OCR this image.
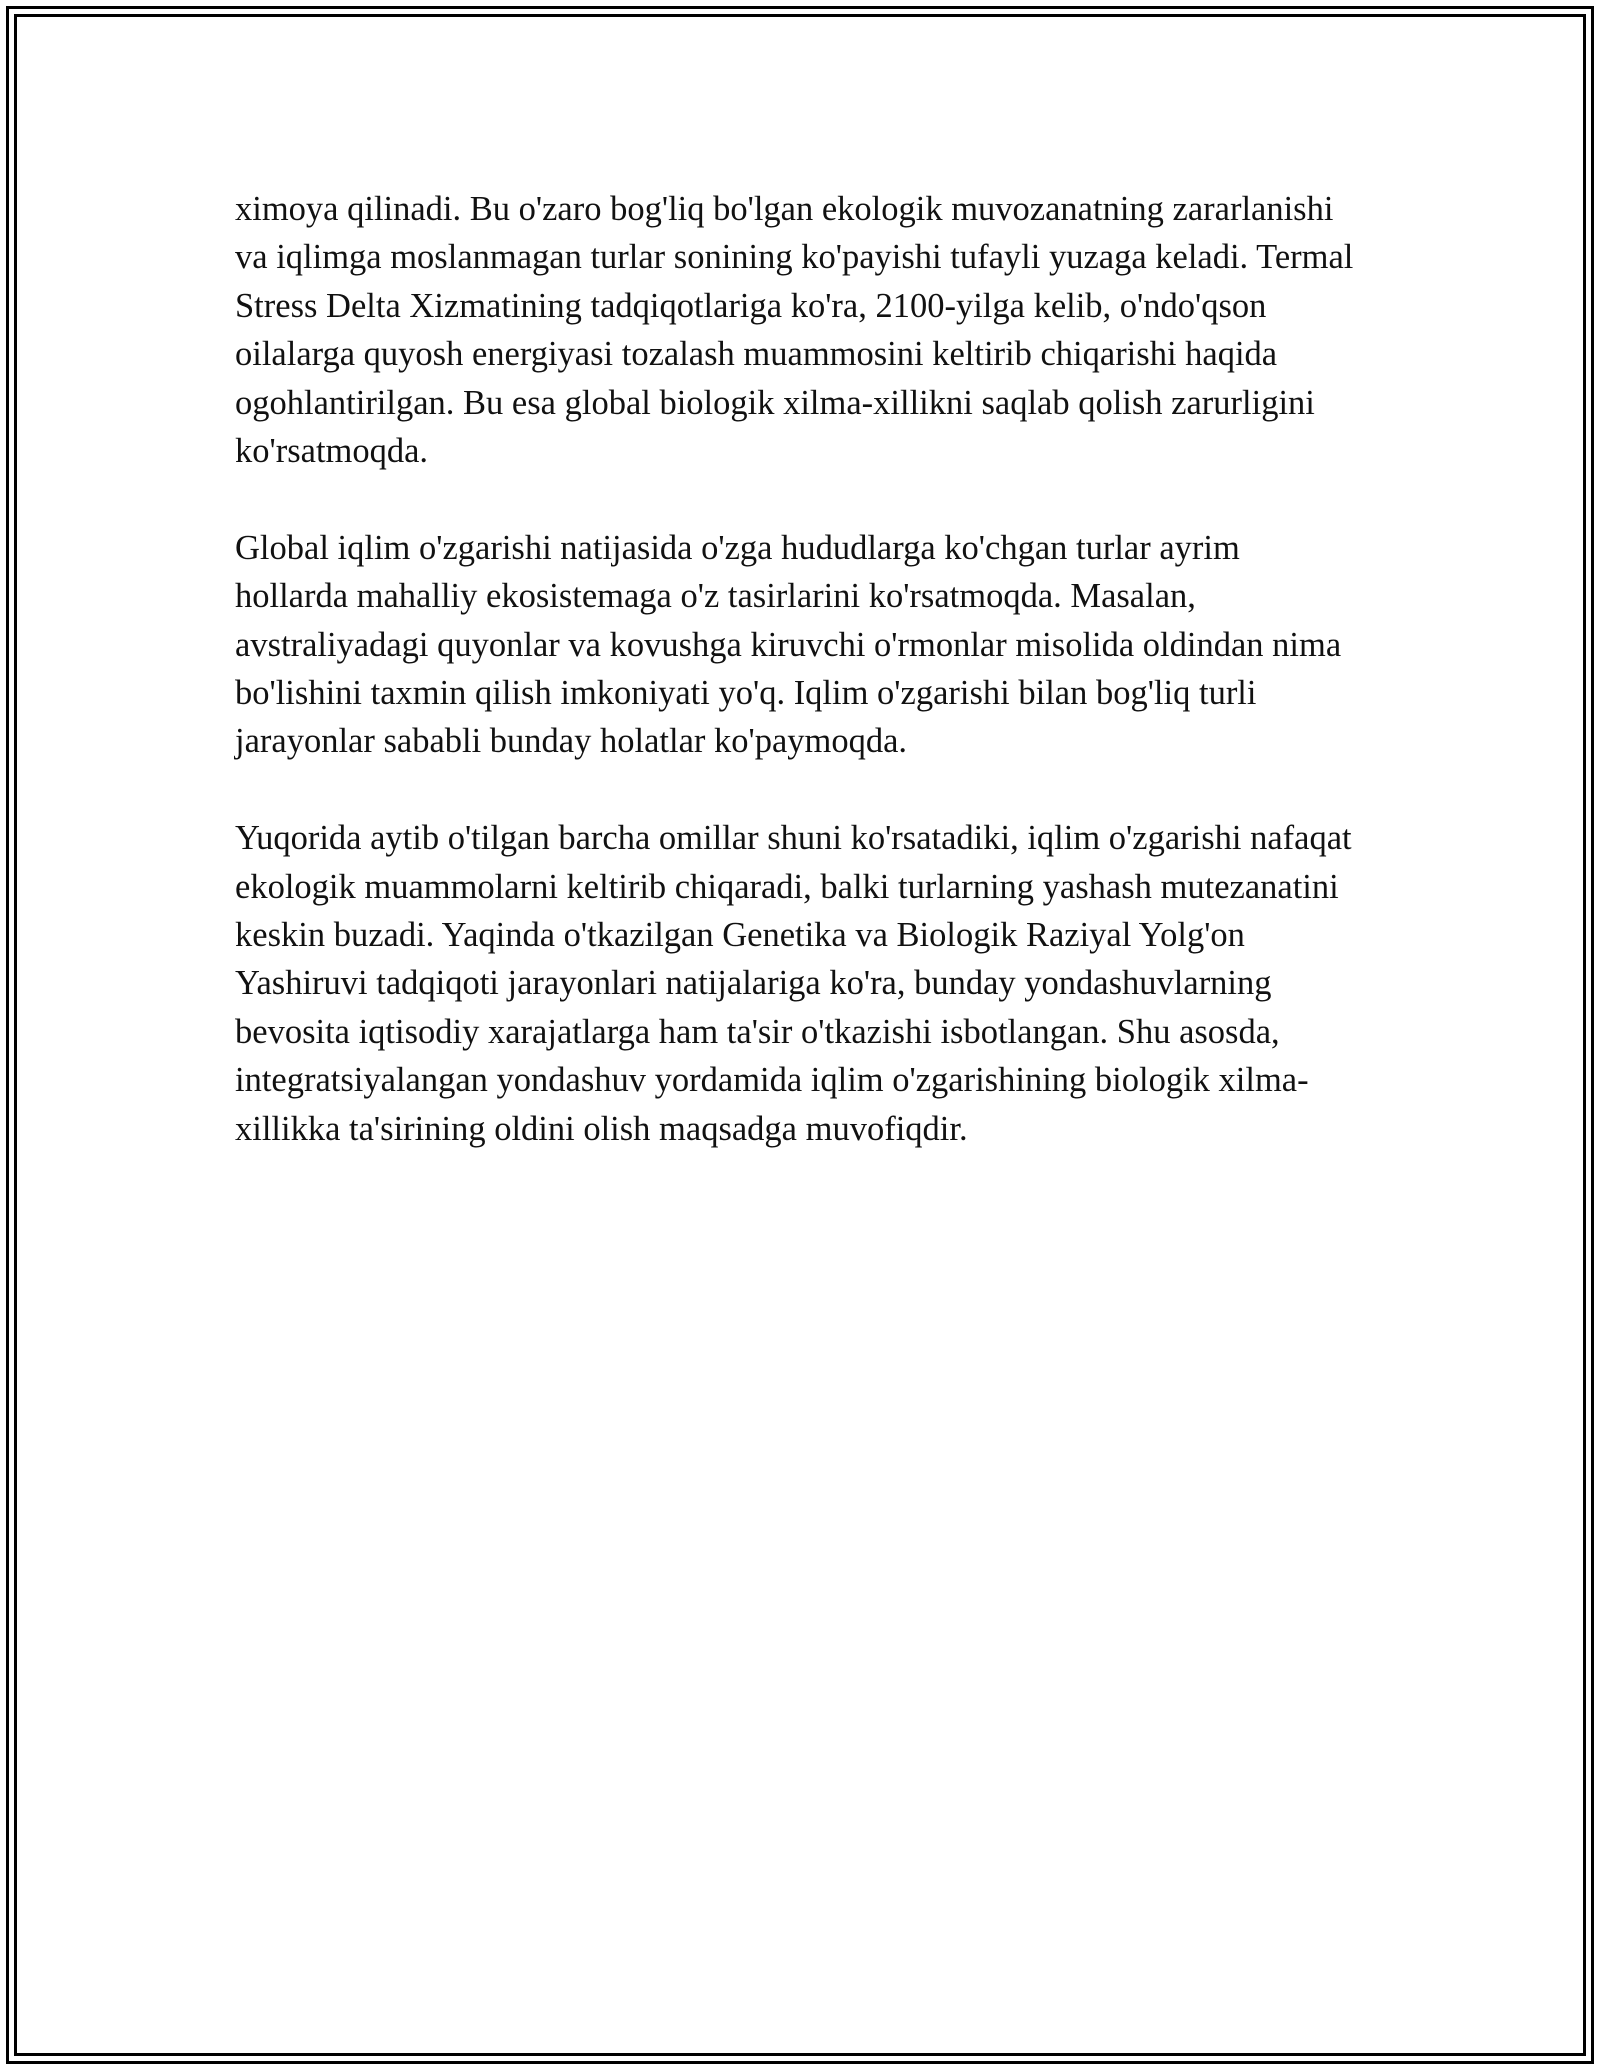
ximoya qilinadi. Bu o'zaro bog'liq bo'lgan ekologik muvozanatning zararlanishi va iqlimga moslanmagan turlar sonining ko'payishi tufayli yuzaga keladi. Termal Stress Delta Xizmatining tadqiqotlariga ko'ra, 2100-yilga kelib, o'ndo'qson oilalarga quyosh energiyasi tozalash muammosini keltirib chiqarishi haqida ogohlantirilgan. Bu esa global biologik xilma-xillikni saqlab qolish zarurligini ko'rsatmoqda.

Global iqlim o'zgarishi natijasida o'zga hududlarga ko'chgan turlar ayrim hollarda mahalliy ekosistemaga o'z tasirlarini ko'rsatmoqda. Masalan, avstraliyadagi quyonlar va kovushga kiruvchi o'rmonlar misolida oldindan nima bo'lishini taxmin qilish imkoniyati yo'q. Iqlim o'zgarishi bilan bog'liq turli jarayonlar sababli bunday holatlar ko'paymoqda.

Yuqorida aytib o'tilgan barcha omillar shuni ko'rsatadiki, iqlim o'zgarishi nafaqat ekologik muammolarni keltirib chiqaradi, balki turlarning yashash mutezanatini keskin buzadi. Yaqinda o'tkazilgan Genetika va Biologik Raziyal Yolg'on Yashiruvi tadqiqoti jarayonlari natijalariga ko'ra, bunday yondashuvlarning bevosita iqtisodiy xarajatlarga ham ta'sir o'tkazishi isbotlangan. Shu asosda, integratsiyalangan yondashuv yordamida iqlim o'zgarishining biologik xilma-xillikka ta'sirining oldini olish maqsadga muvofiqdir.
